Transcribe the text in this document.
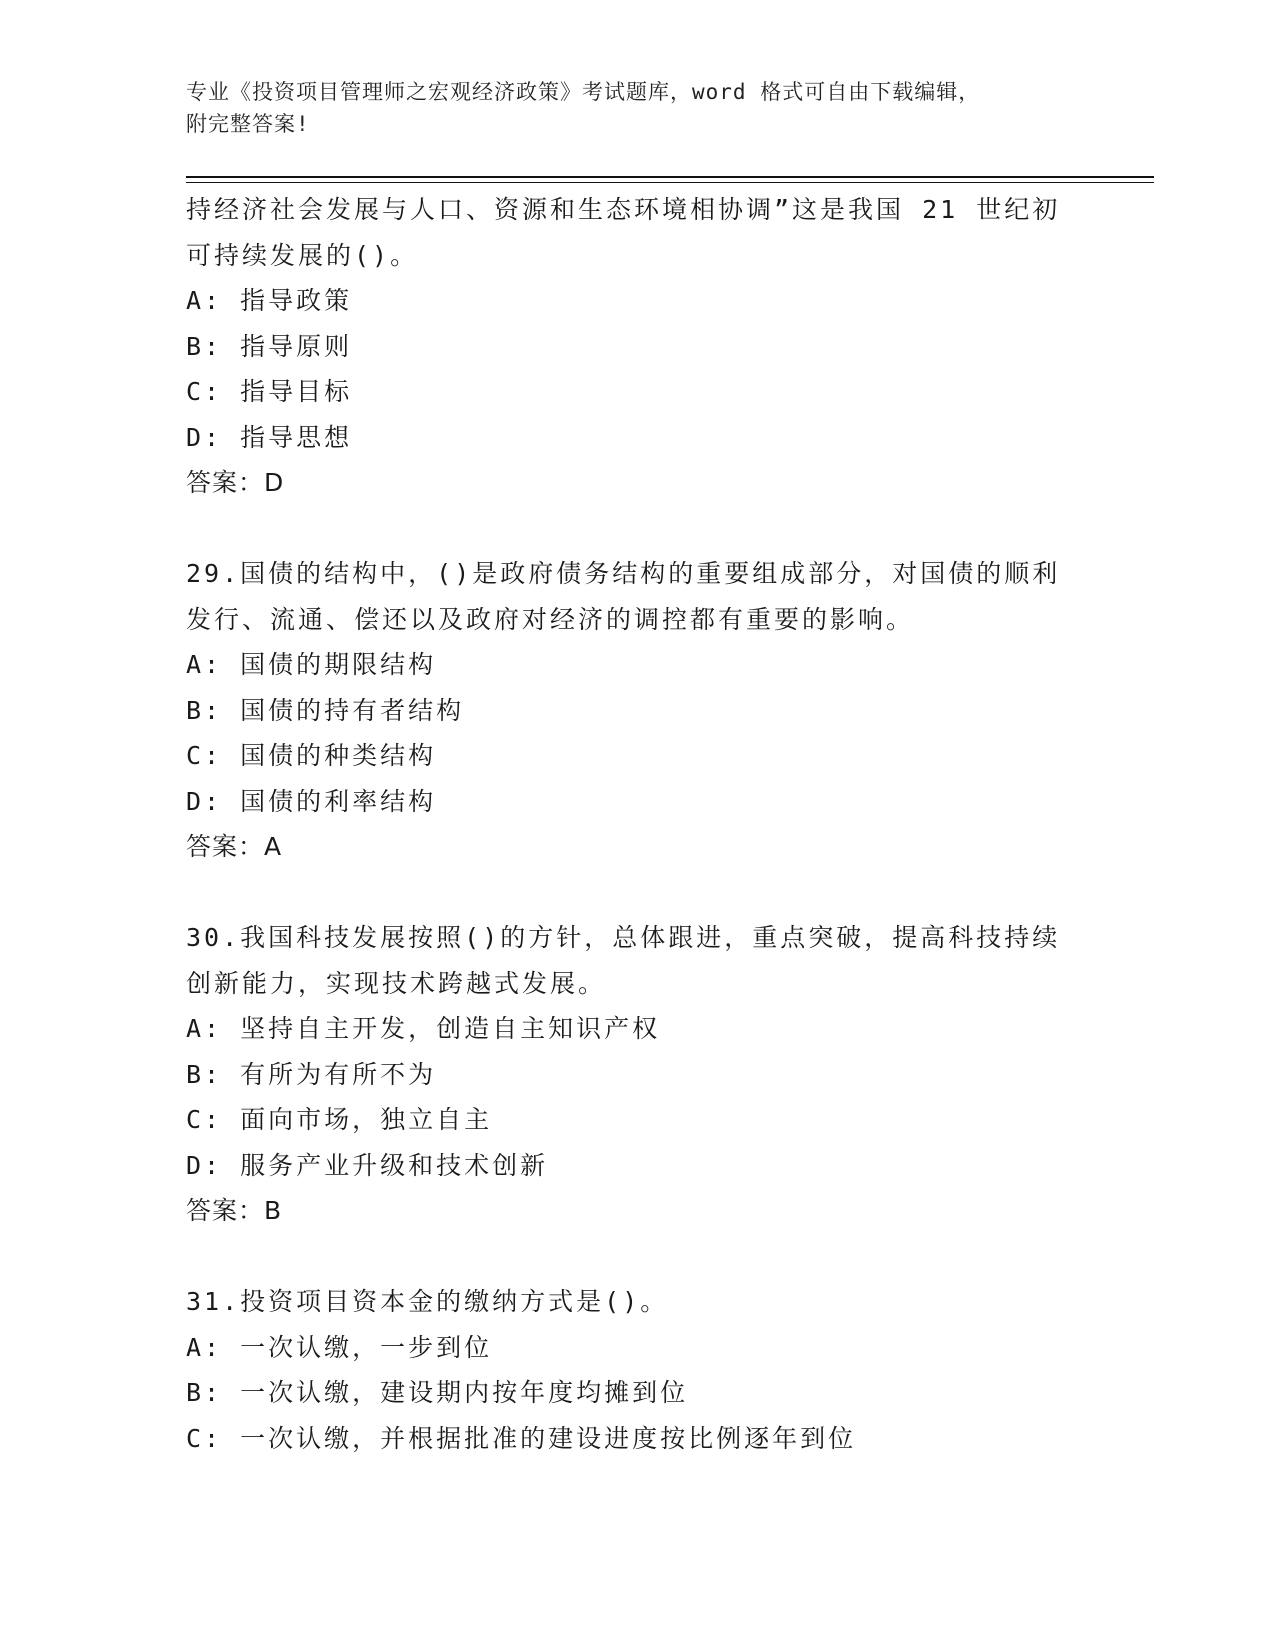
专业《投资项目管理师之宏观经济政策》考试题库，word 格式可自由下载编辑，
附完整答案!
持经济社会发展与人口、资源和生态环境相协调”这是我国 21 世纪初
可持续发展的()。
A: 指导政策
B: 指导原则
C: 指导目标
D: 指导思想
答案：D
29.国债的结构中，()是政府债务结构的重要组成部分，对国债的顺利
发行、流通、偿还以及政府对经济的调控都有重要的影响。
A: 国债的期限结构
B: 国债的持有者结构
C: 国债的种类结构
D: 国债的利率结构
答案：A
30.我国科技发展按照()的方针，总体跟进，重点突破，提高科技持续
创新能力，实现技术跨越式发展。
A: 坚持自主开发，创造自主知识产权
B: 有所为有所不为
C: 面向市场，独立自主
D: 服务产业升级和技术创新
答案：B
31.投资项目资本金的缴纳方式是()。
A: 一次认缴，一步到位
B: 一次认缴，建设期内按年度均摊到位
C: 一次认缴，并根据批准的建设进度按比例逐年到位
